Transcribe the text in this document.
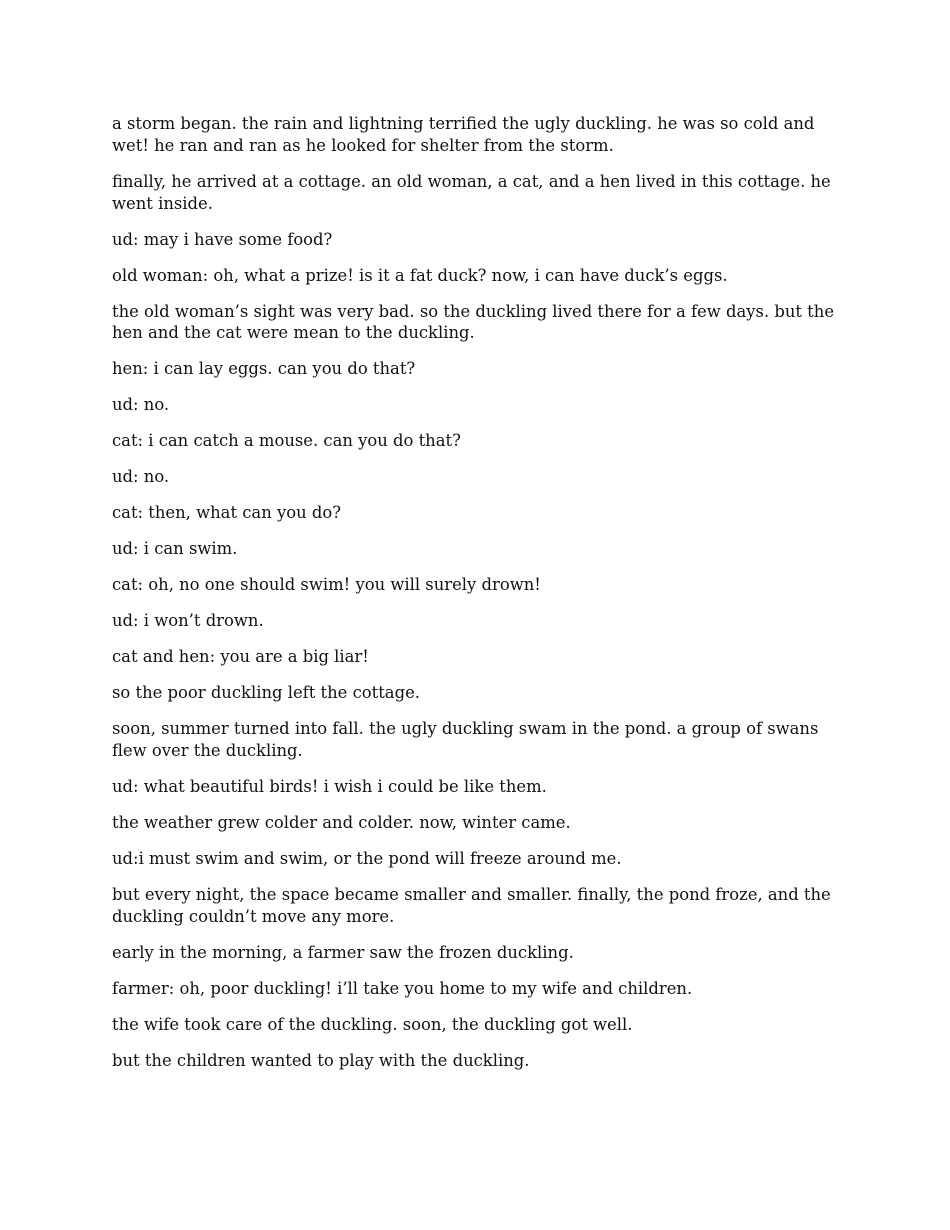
a storm began. the rain and lightning terrified the ugly duckling. he was so cold and wet! he ran and ran as he looked for shelter from the storm.

finally, he arrived at a cottage. an old woman, a cat, and a hen lived in this cottage. he went inside.

ud: may i have some food?

old woman: oh, what a prize! is it a fat duck? now, i can have duck’s eggs.

the old woman’s sight was very bad. so the duckling lived there for a few days. but the hen and the cat were mean to the duckling.

hen: i can lay eggs. can you do that?

ud: no.

cat: i can catch a mouse. can you do that?

ud: no.

cat: then, what can you do?

ud: i can swim.

cat: oh, no one should swim! you will surely drown!

ud: i won’t drown.

cat and hen: you are a big liar!

so the poor duckling left the cottage.

soon, summer turned into fall. the ugly duckling swam in the pond. a group of swans flew over the duckling.

ud: what beautiful birds! i wish i could be like them.

the weather grew colder and colder. now, winter came.

ud:i must swim and swim, or the pond will freeze around me.

but every night, the space became smaller and smaller. finally, the pond froze, and the duckling couldn’t move any more.

early in the morning, a farmer saw the frozen duckling.

farmer: oh, poor duckling! i’ll take you home to my wife and children.

the wife took care of the duckling. soon, the duckling got well.

but the children wanted to play with the duckling.
